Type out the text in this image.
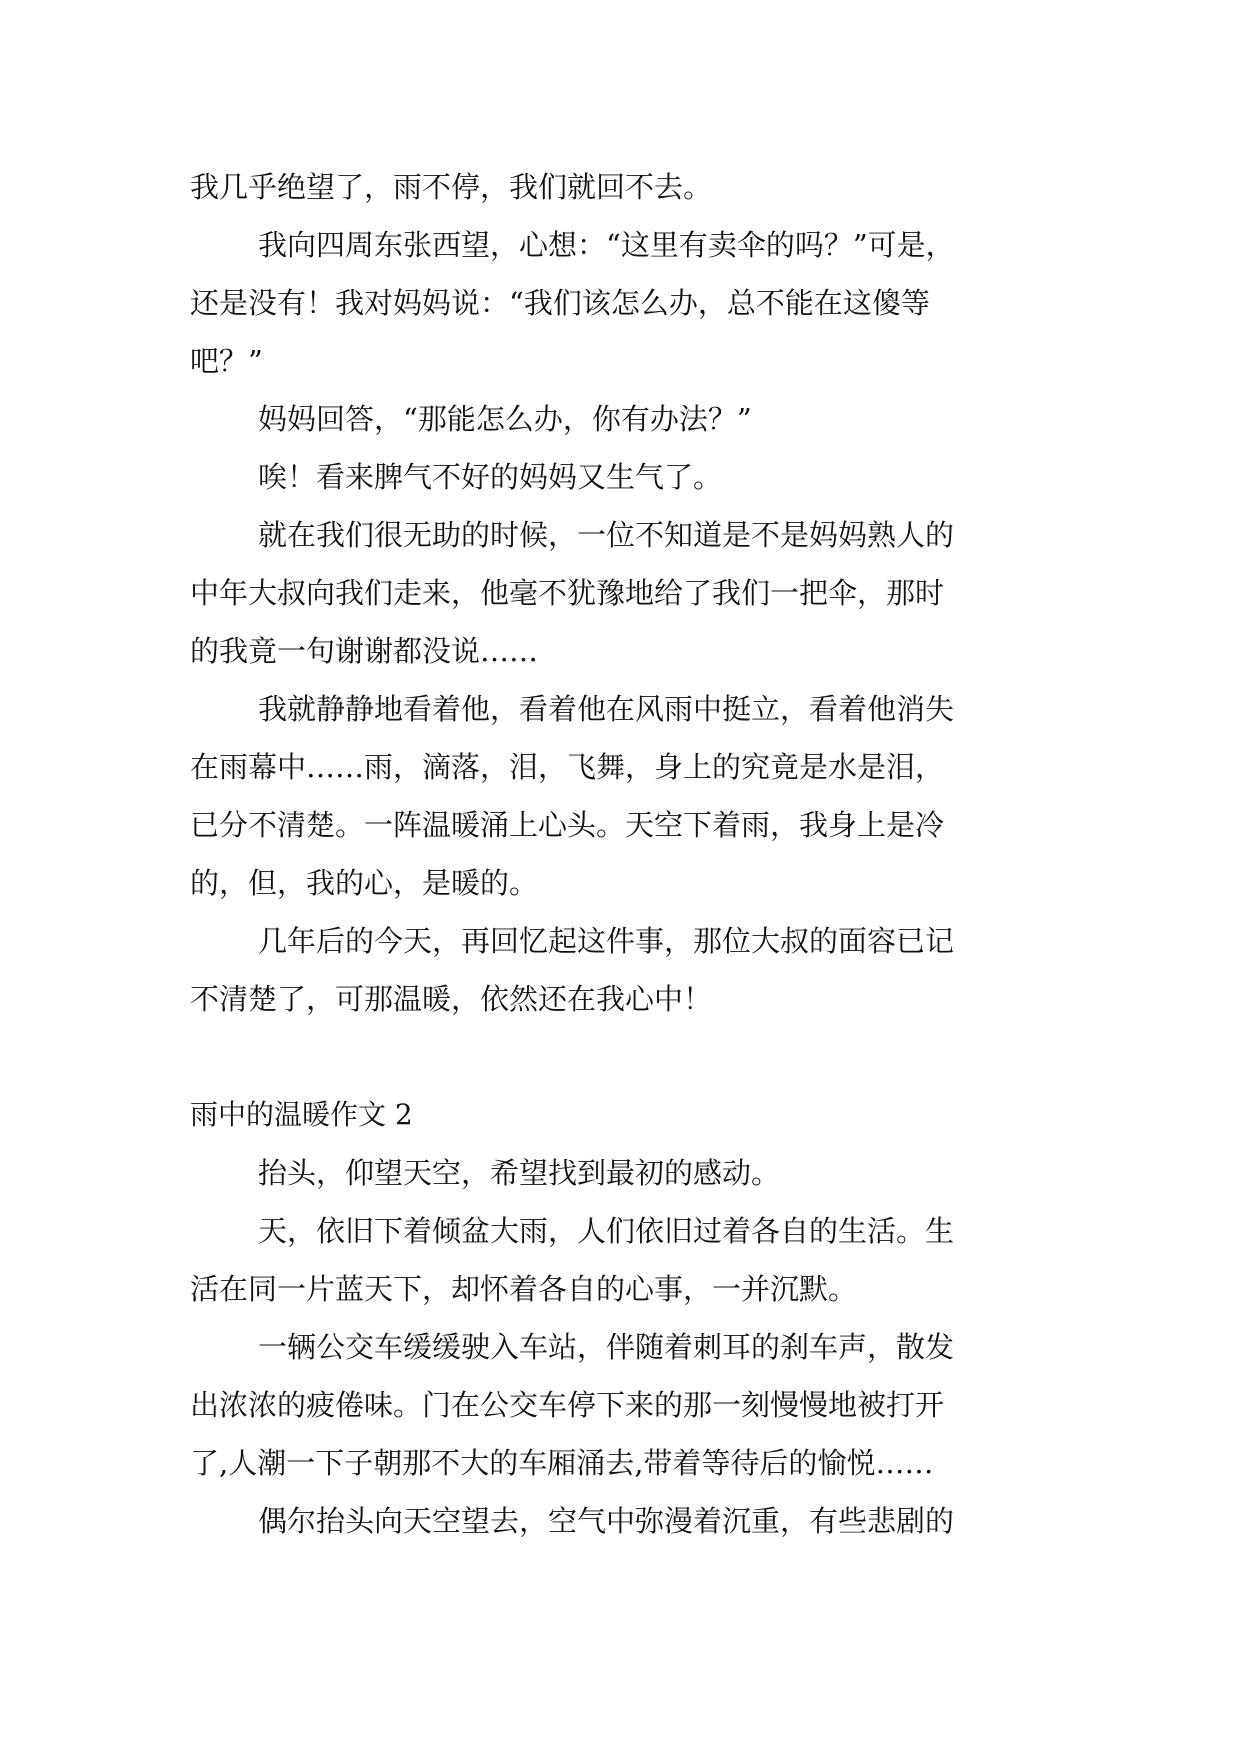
我几乎绝望了，雨不停，我们就回不去。
我向四周东张西望，心想：“这里有卖伞的吗？”可是，
还是没有！我对妈妈说：“我们该怎么办，总不能在这傻等
吧？”
妈妈回答，“那能怎么办，你有办法？”
唉！看来脾气不好的妈妈又生气了。
就在我们很无助的时候，一位不知道是不是妈妈熟人的
中年大叔向我们走来，他毫不犹豫地给了我们一把伞，那时
的我竟一句谢谢都没说……
我就静静地看着他，看着他在风雨中挺立，看着他消失
在雨幕中……雨，滴落，泪，飞舞，身上的究竟是水是泪，
已分不清楚。一阵温暖涌上心头。天空下着雨，我身上是冷
的，但，我的心，是暖的。
几年后的今天，再回忆起这件事，那位大叔的面容已记
不清楚了，可那温暖，依然还在我心中！
雨中的温暖作文 2
抬头，仰望天空，希望找到最初的感动。
天，依旧下着倾盆大雨，人们依旧过着各自的生活。生
活在同一片蓝天下，却怀着各自的心事，一并沉默。
一辆公交车缓缓驶入车站，伴随着刺耳的刹车声，散发
出浓浓的疲倦味。门在公交车停下来的那一刻慢慢地被打开
了,人潮一下子朝那不大的车厢涌去,带着等待后的愉悦……
偶尔抬头向天空望去，空气中弥漫着沉重，有些悲剧的
